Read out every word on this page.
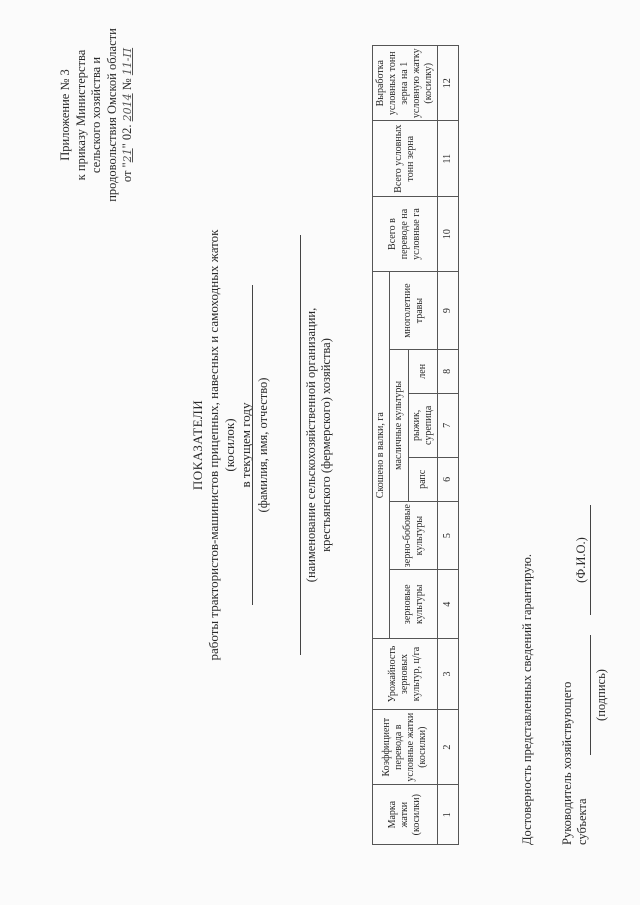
Приложение № 3 к приказу Министерства сельского хозяйства и продовольствия Омской области от "21" 02. 2014 № 11-П
ПОКАЗАТЕЛИ работы трактористов-машинистов прицепных, навесных и самоходных жаток (косилок) в текущем году (фамилия, имя, отчество)	(наименование сельскохозяйственной организации, крестьянского (фермерского) хозяйства)
Марка жатки (косилки)	Коэффициент перевода в условные жатки (косилки)	Урожайность зерновых культур, ц/га	Скошено в валки, га						Всего в переводе на условные га	Всего условных тонн зерна	Выработка условных тонн зерна на 1 условную жатку (косилку)
			зерновые культуры	зерно-бобовые культуры	масличные культуры			многолетние травы			
					рапс	рыжик, сурепица	лен				
1	2	3	4	5	6	7	8	9	10	11	12
Достоверность представленных сведений гарантирую. Руководитель хозяйствующего субъекта
(подпись)
(Ф.И.О.)
